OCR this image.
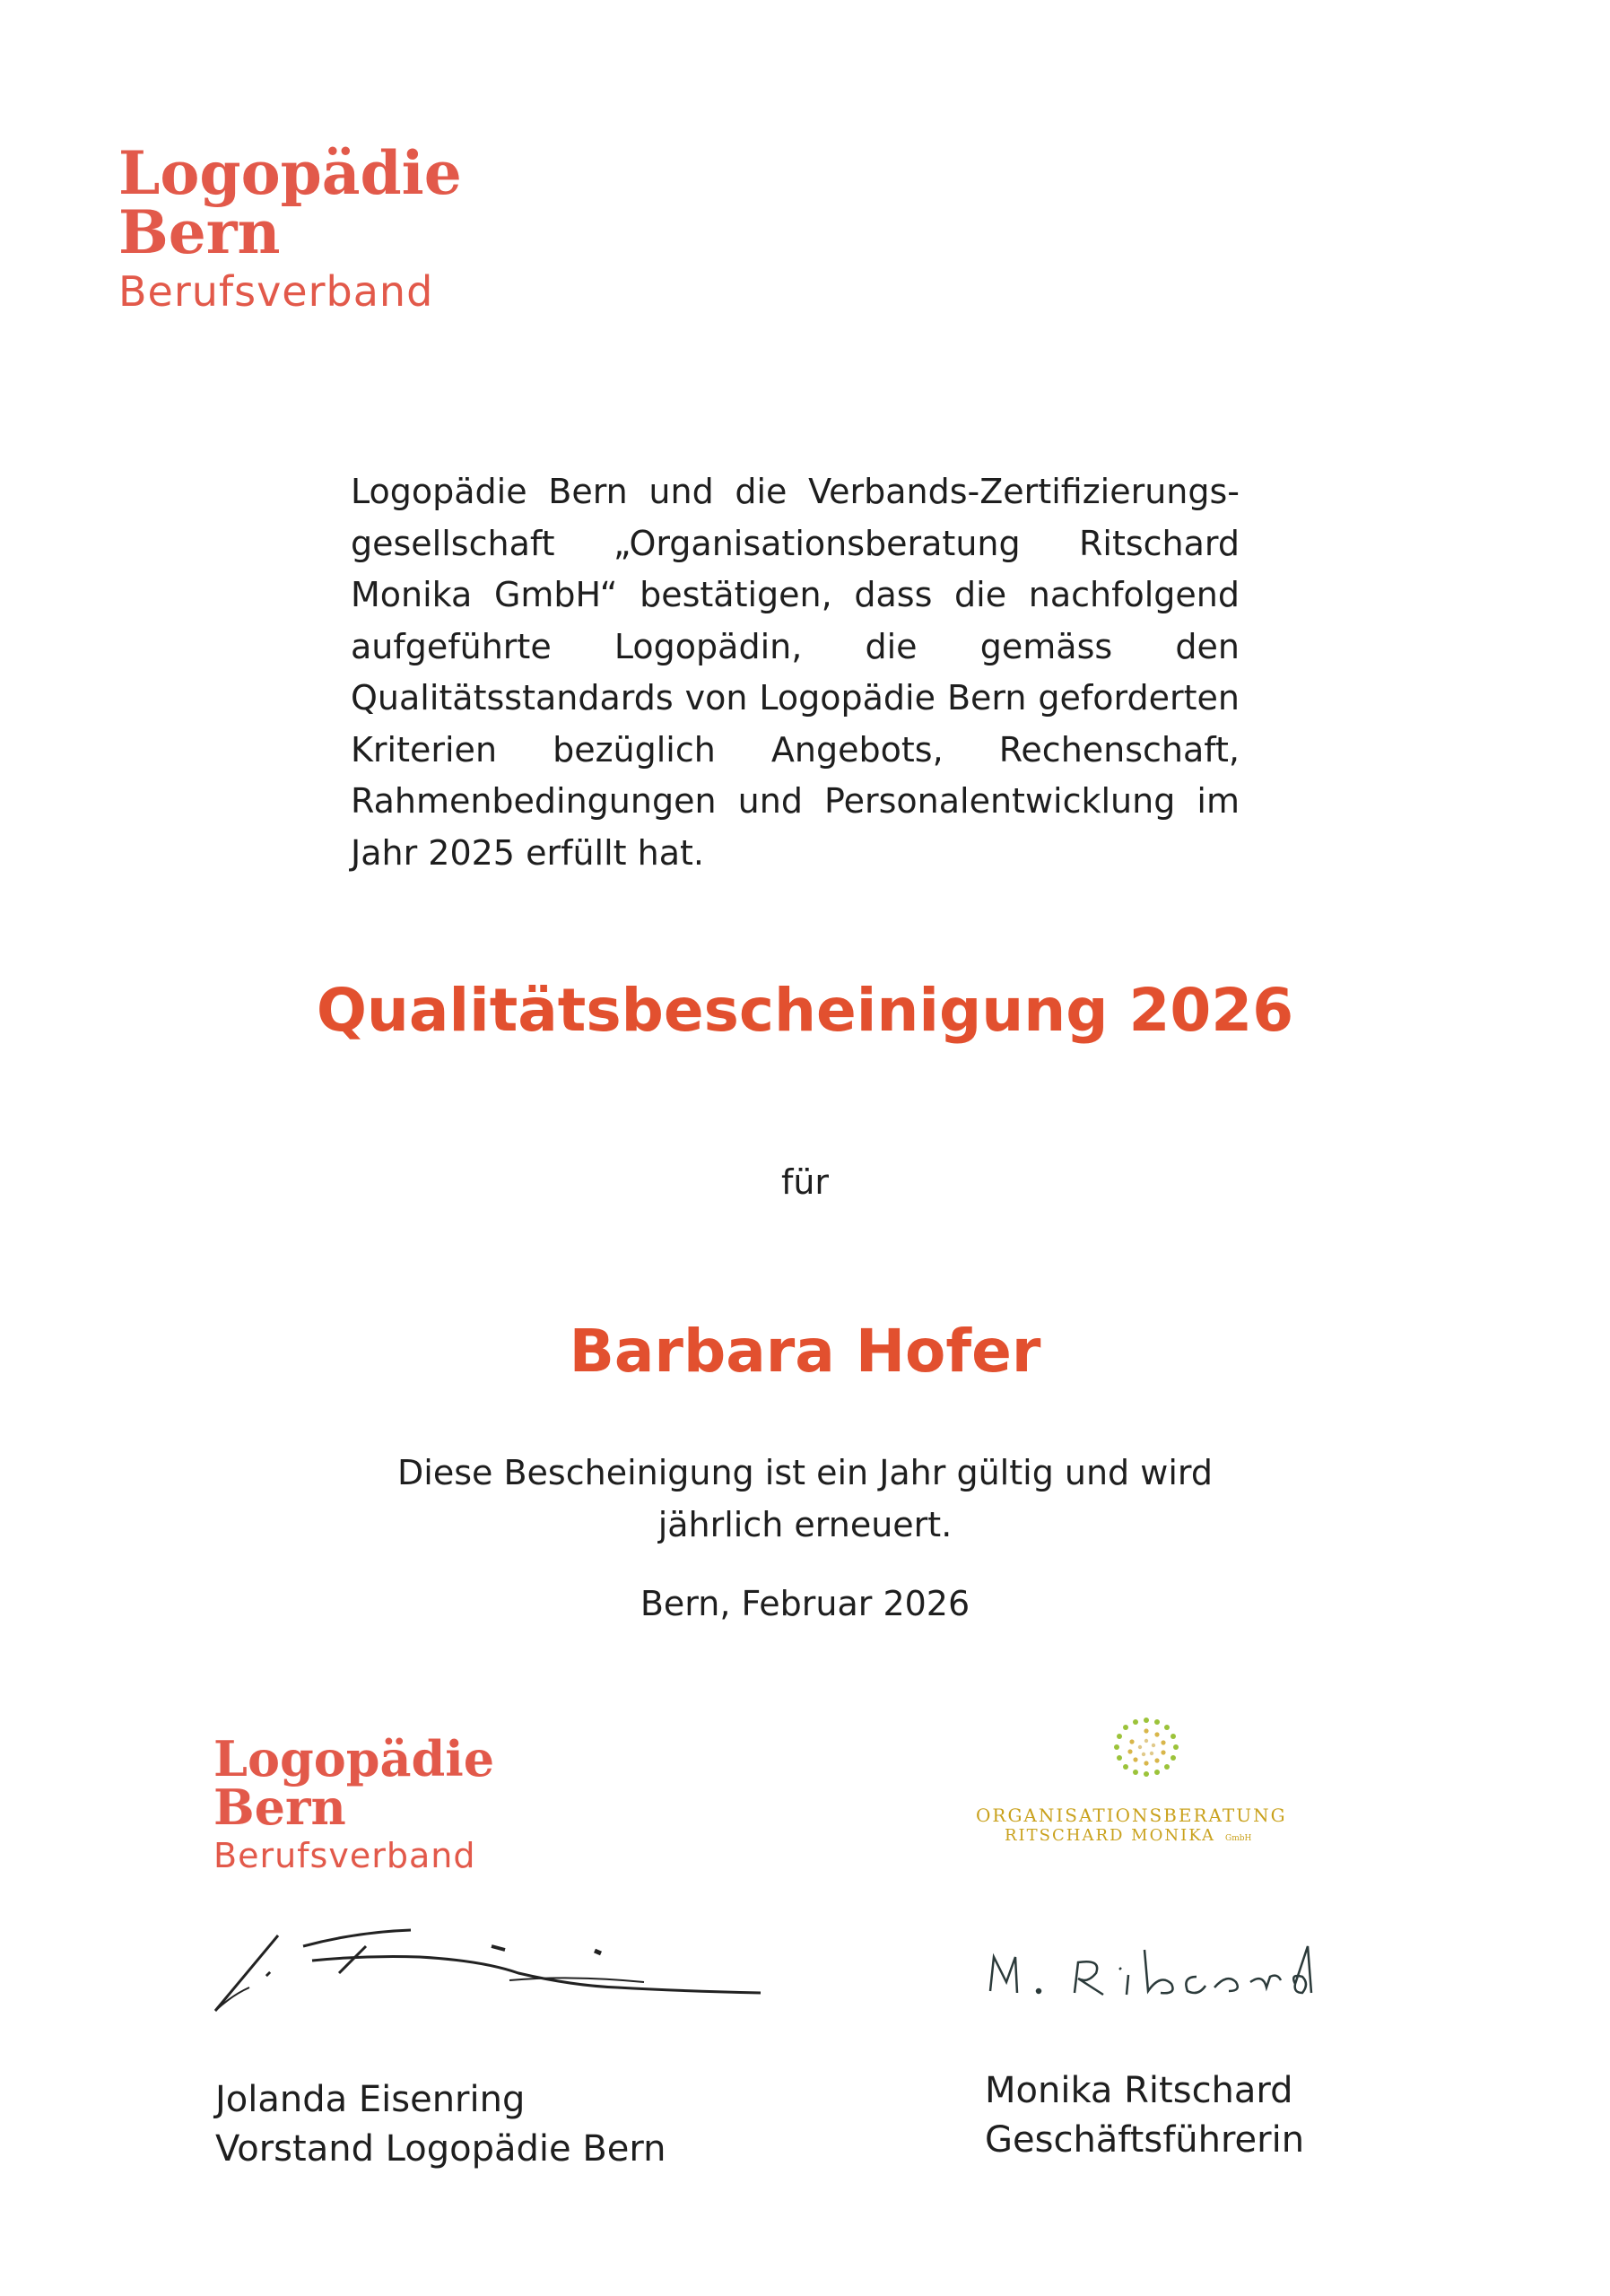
Logopädie
Bern
Berufsverband
Logopädie Bern und die Verbands-Zertifizierungs-gesellschaft „Organisationsberatung Ritschard Monika GmbH“ bestätigen, dass die nachfolgend aufgeführte Logopädin, die gemäss den Qualitätsstandards von Logopädie Bern geforderten Kriterien bezüglich Angebots, Rechenschaft, Rahmenbedingungen und Personalentwicklung im Jahr 2025 erfüllt hat.
Qualitätsbescheinigung 2026
für
Barbara Hofer
Diese Bescheinigung ist ein Jahr gültig und wird
jährlich erneuert.
Bern, Februar 2026
Logopädie
Bern
Berufsverband
ORGANISATIONSBERATUNG
RITSCHARD MONIKA GmbH
Jolanda Eisenring
Vorstand Logopädie Bern
Monika Ritschard
Geschäftsführerin
